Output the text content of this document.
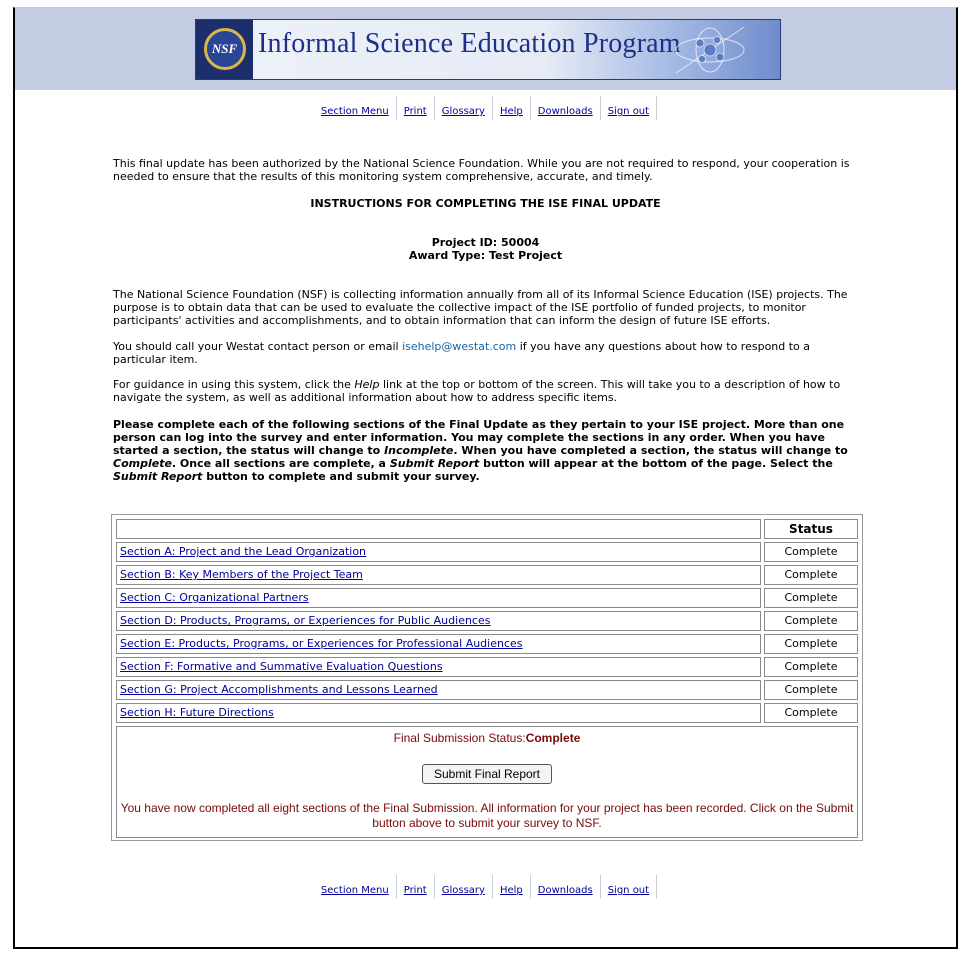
NSF Informal Science Education Program
Section Menu Print Glossary Help Downloads Sign out
This final update has been authorized by the National Science Foundation. While you are not required to respond, your cooperation is needed to ensure that the results of this monitoring system comprehensive, accurate, and timely.
INSTRUCTIONS FOR COMPLETING THE ISE FINAL UPDATE
Project ID: 50004
Award Type: Test Project
The National Science Foundation (NSF) is collecting information annually from all of its Informal Science Education (ISE) projects. The purpose is to obtain data that can be used to evaluate the collective impact of the ISE portfolio of funded projects, to monitor participants' activities and accomplishments, and to obtain information that can inform the design of future ISE efforts.
You should call your Westat contact person or email isehelp@westat.com if you have any questions about how to respond to a particular item.
For guidance in using this system, click the Help link at the top or bottom of the screen. This will take you to a description of how to navigate the system, as well as additional information about how to address specific items.
Please complete each of the following sections of the Final Update as they pertain to your ISE project. More than one person can log into the survey and enter information. You may complete the sections in any order. When you have started a section, the status will change to Incomplete. When you have completed a section, the status will change to Complete. Once all sections are complete, a Submit Report button will appear at the bottom of the page. Select the Submit Report button to complete and submit your survey.
Status
Section A: Project and the Lead Organization	Complete
Section B: Key Members of the Project Team	Complete
Section C: Organizational Partners	Complete
Section D: Products, Programs, or Experiences for Public Audiences	Complete
Section E: Products, Programs, or Experiences for Professional Audiences	Complete
Section F: Formative and Summative Evaluation Questions	Complete
Section G: Project Accomplishments and Lessons Learned	Complete
Section H: Future Directions	Complete
Final Submission Status:Complete
Submit Final Report
You have now completed all eight sections of the Final Submission. All information for your project has been recorded. Click on the Submit button above to submit your survey to NSF.
Section Menu Print Glossary Help Downloads Sign out
